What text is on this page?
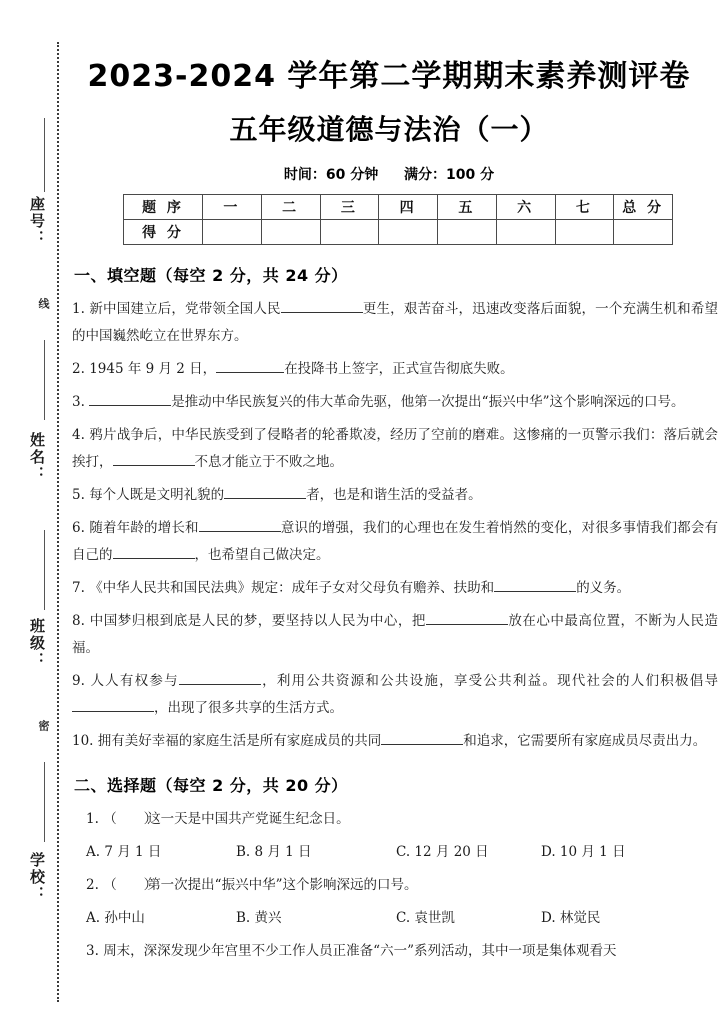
座号：
线
姓名：
班级：
密
学校：
2023-2024 学年第二学期期末素养测评卷
五年级道德与法治（一）
时间：60 分钟 满分：100 分
题 序	一	二	三	四	五	六	七	总 分
得 分								
一、填空题（每空 2 分，共 24 分）

1. 新中国建立后，党带领全国人民	更生，艰苦奋斗，迅速改变落后面貌，一个充满生机和希望的中国巍然屹立在世界东方。

2. 1945 年 9 月 2 日，	在投降书上签字，正式宣告彻底失败。

3.	是推动中华民族复兴的伟大革命先驱，他第一次提出“振兴中华”这个影响深远的口号。

4. 鸦片战争后，中华民族受到了侵略者的轮番欺凌，经历了空前的磨难。这惨痛的一页警示我们：落后就会挨打，	不息才能立于不败之地。

5. 每个人既是文明礼貌的	者，也是和谐生活的受益者。

6. 随着年龄的增长和	意识的增强，我们的心理也在发生着悄然的变化，对很多事情我们都会有自己的	，也希望自己做决定。

7. 《中华人民共和国民法典》规定：成年子女对父母负有赡养、扶助和	的义务。

8. 中国梦归根到底是人民的梦，要坚持以人民为中心，把	放在心中最高位置，不断为人民造福。

9. 人人有权参与	，利用公共资源和公共设施，享受公共利益。现代社会的人们积极倡导，出现了很多共享的生活方式。

10. 拥有美好幸福的家庭生活是所有家庭成员的共同	和追求，它需要所有家庭成员尽责出力。

二、选择题（每空 2 分，共 20 分）

1. （　　）这一天是中国共产党诞生纪念日。

A. 7 月 1 日	B. 8 月 1 日	C. 12 月 20 日	D. 10 月 1 日

2. （　　）第一次提出“振兴中华”这个影响深远的口号。

A. 孙中山	B. 黄兴	C. 袁世凯	D. 林觉民

3. 周末，深深发现少年宫里不少工作人员正准备“六一”系列活动，其中一项是集体观看天
